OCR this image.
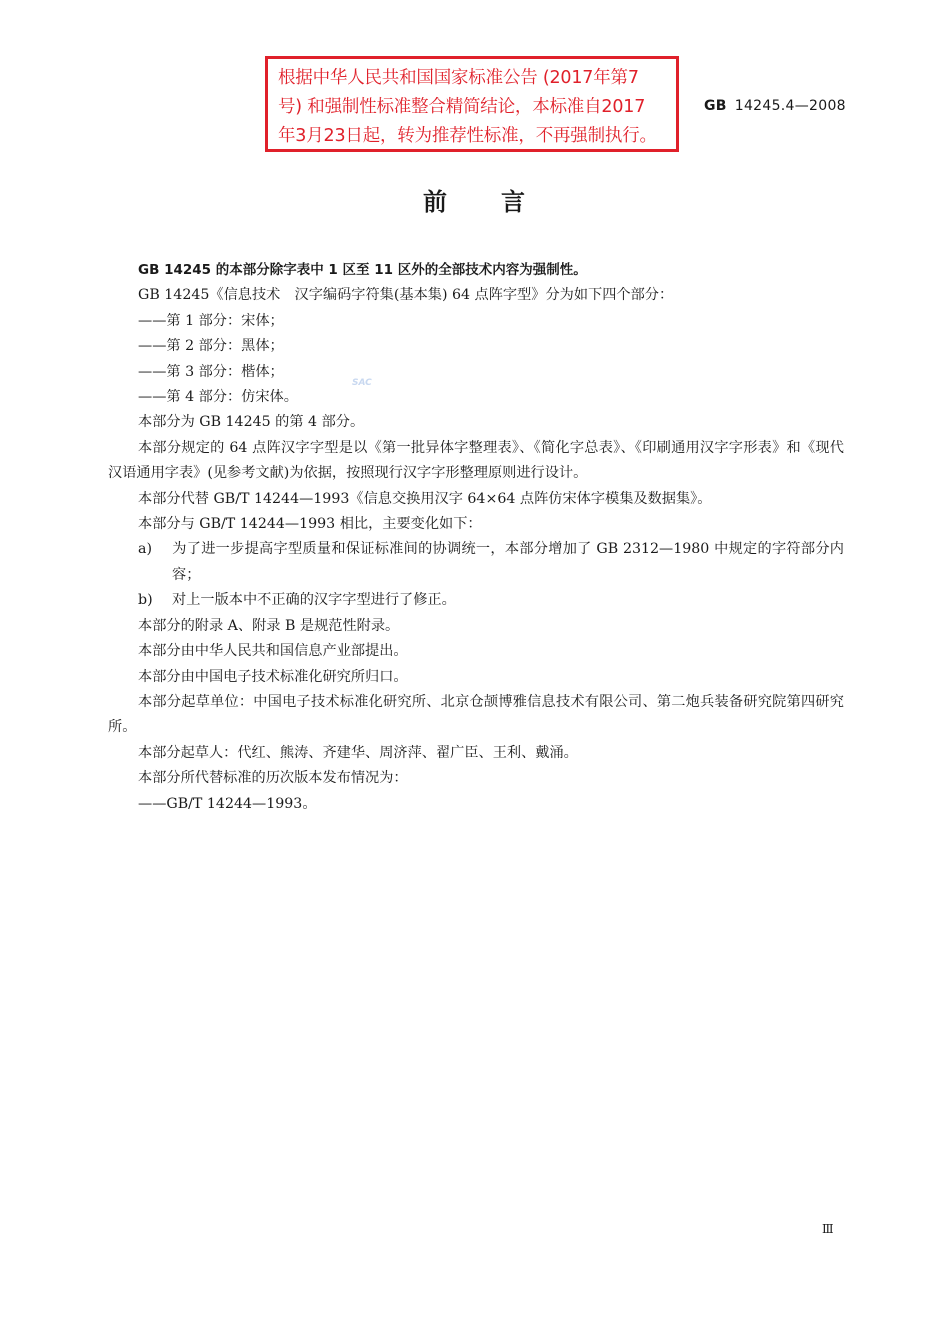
根据中华人民共和国国家标准公告 (2017年第7
号) 和强制性标准整合精简结论，本标准自2017
年3月23日起，转为推荐性标准，不再强制执行。
GB 14245.4—2008
前　　言
SAC

GB 14245 的本部分除字表中 1 区至 11 区外的全部技术内容为强制性。

GB 14245《信息技术　汉字编码字符集(基本集) 64 点阵字型》分为如下四个部分：

——第 1 部分：宋体；

——第 2 部分：黑体；

——第 3 部分：楷体；

——第 4 部分：仿宋体。

本部分为 GB 14245 的第 4 部分。

本部分规定的 64 点阵汉字字型是以《第一批异体字整理表》、《简化字总表》、《印刷通用汉字字形表》和《现代汉语通用字表》(见参考文献)为依据，按照现行汉字字形整理原则进行设计。

本部分代替 GB/T 14244—1993《信息交换用汉字 64×64 点阵仿宋体字模集及数据集》。

本部分与 GB/T 14244—1993 相比，主要变化如下：

a) 为了进一步提高字型质量和保证标准间的协调统一，本部分增加了 GB 2312—1980 中规定的字符部分内容；

b) 对上一版本中不正确的汉字字型进行了修正。

本部分的附录 A、附录 B 是规范性附录。

本部分由中华人民共和国信息产业部提出。

本部分由中国电子技术标准化研究所归口。

本部分起草单位：中国电子技术标准化研究所、北京仓颉博雅信息技术有限公司、第二炮兵装备研究院第四研究所。

本部分起草人：代红、熊涛、齐建华、周济萍、翟广臣、王利、戴涌。

本部分所代替标准的历次版本发布情况为：

——GB/T 14244—1993。

Ⅲ
